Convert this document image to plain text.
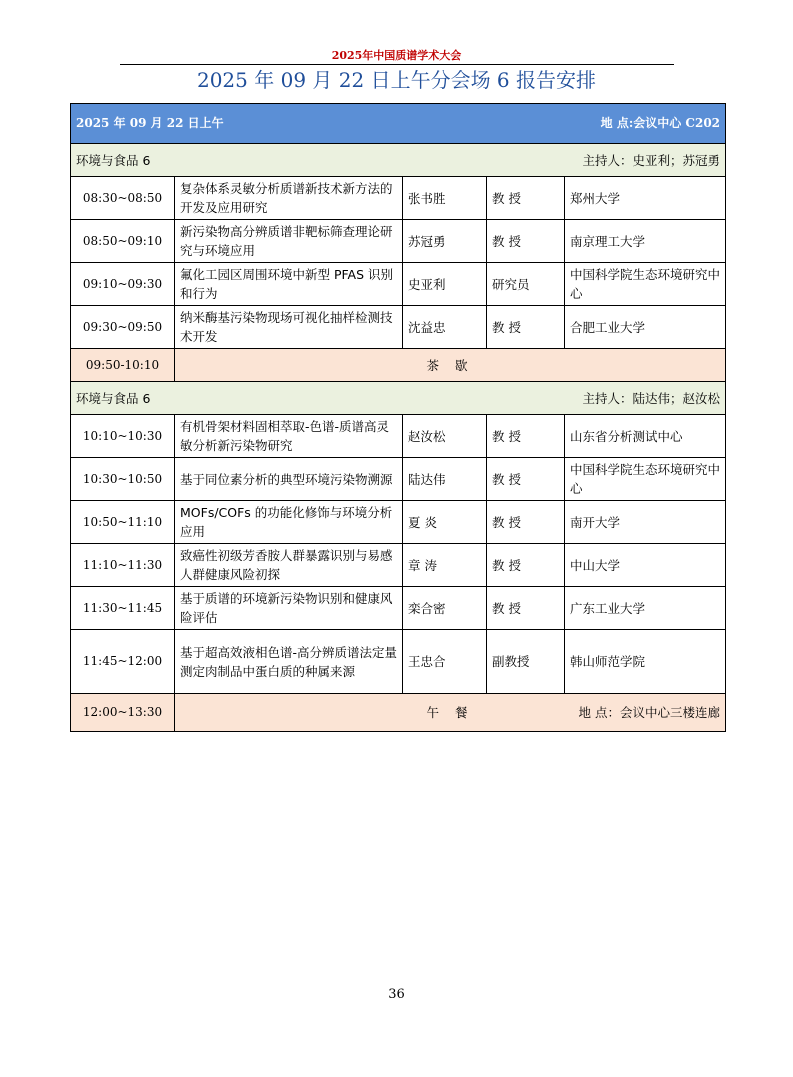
2025年中国质谱学术大会
2025 年 09 月 22 日上午分会场 6 报告安排
2025 年 09 月 22 日上午 地 点:会议中心 C202				

环境与食品 6 主持人：史亚利；苏冠勇				

08:30~08:50	复杂体系灵敏分析质谱新技术新方法的开发及应用研究	张书胜	教 授	郑州大学
08:50~09:10	新污染物高分辨质谱非靶标筛查理论研究与环境应用	苏冠勇	教 授	南京理工大学
09:10~09:30	氟化工园区周围环境中新型 PFAS 识别和行为	史亚利	研究员	中国科学院生态环境研究中心
09:30~09:50	纳米酶基污染物现场可视化抽样检测技术开发	沈益忠	教 授	合肥工业大学
09:50-10:10	茶 歇			

环境与食品 6 主持人：陆达伟；赵汝松				

10:10~10:30	有机骨架材料固相萃取-色谱-质谱高灵敏分析新污染物研究	赵汝松	教 授	山东省分析测试中心
10:30~10:50	基于同位素分析的典型环境污染物溯源	陆达伟	教 授	中国科学院生态环境研究中心
10:50~11:10	MOFs/COFs 的功能化修饰与环境分析应用	夏 炎	教 授	南开大学
11:10~11:30	致癌性初级芳香胺人群暴露识别与易感人群健康风险初探	章 涛	教 授	中山大学
11:30~11:45	基于质谱的环境新污染物识别和健康风险评估	栾合密	教 授	广东工业大学
11:45~12:00	基于超高效液相色谱-高分辨质谱法定量测定肉制品中蛋白质的种属来源	王忠合	副教授	韩山师范学院
12:00~13:30	午 餐 地 点：会议中心三楼连廊			
36
